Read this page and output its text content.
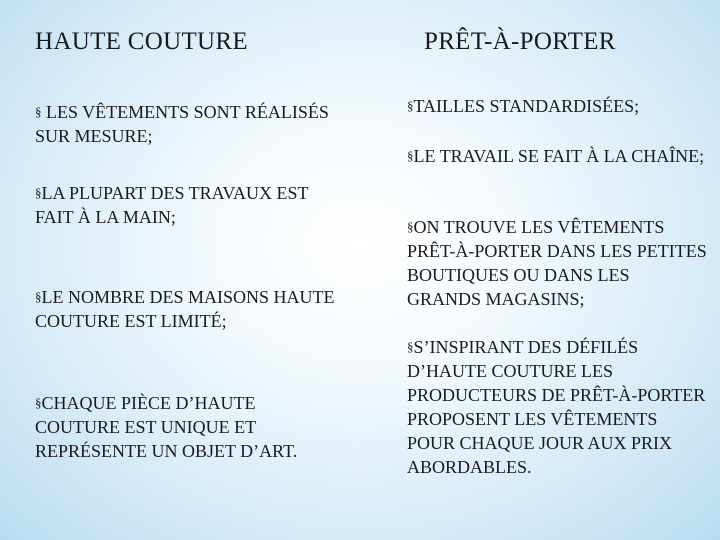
HAUTE COUTURE	PRÊT-À-PORTER
§ LES VÊTEMENTS SONT RÉALISÉS SUR MESURE;
§LA PLUPART DES TRAVAUX EST FAIT À LA MAIN;
§LE NOMBRE DES MAISONS HAUTE COUTURE EST LIMITÉ;
§CHAQUE PIÈCE D’HAUTE COUTURE EST UNIQUE ET REPRÉSENTE UN OBJET D’ART.
§TAILLES STANDARDISÉES;
§LE TRAVAIL SE FAIT À LA CHAÎNE;
§ON TROUVE LES VÊTEMENTS PRÊT-À-PORTER DANS LES PETITES BOUTIQUES OU DANS LES GRANDS MAGASINS;
§S’INSPIRANT DES DÉFILÉS D’HAUTE COUTURE LES PRODUCTEURS DE PRÊT-À-PORTER PROPOSENT LES VÊTEMENTS POUR CHAQUE JOUR AUX PRIX ABORDABLES.
